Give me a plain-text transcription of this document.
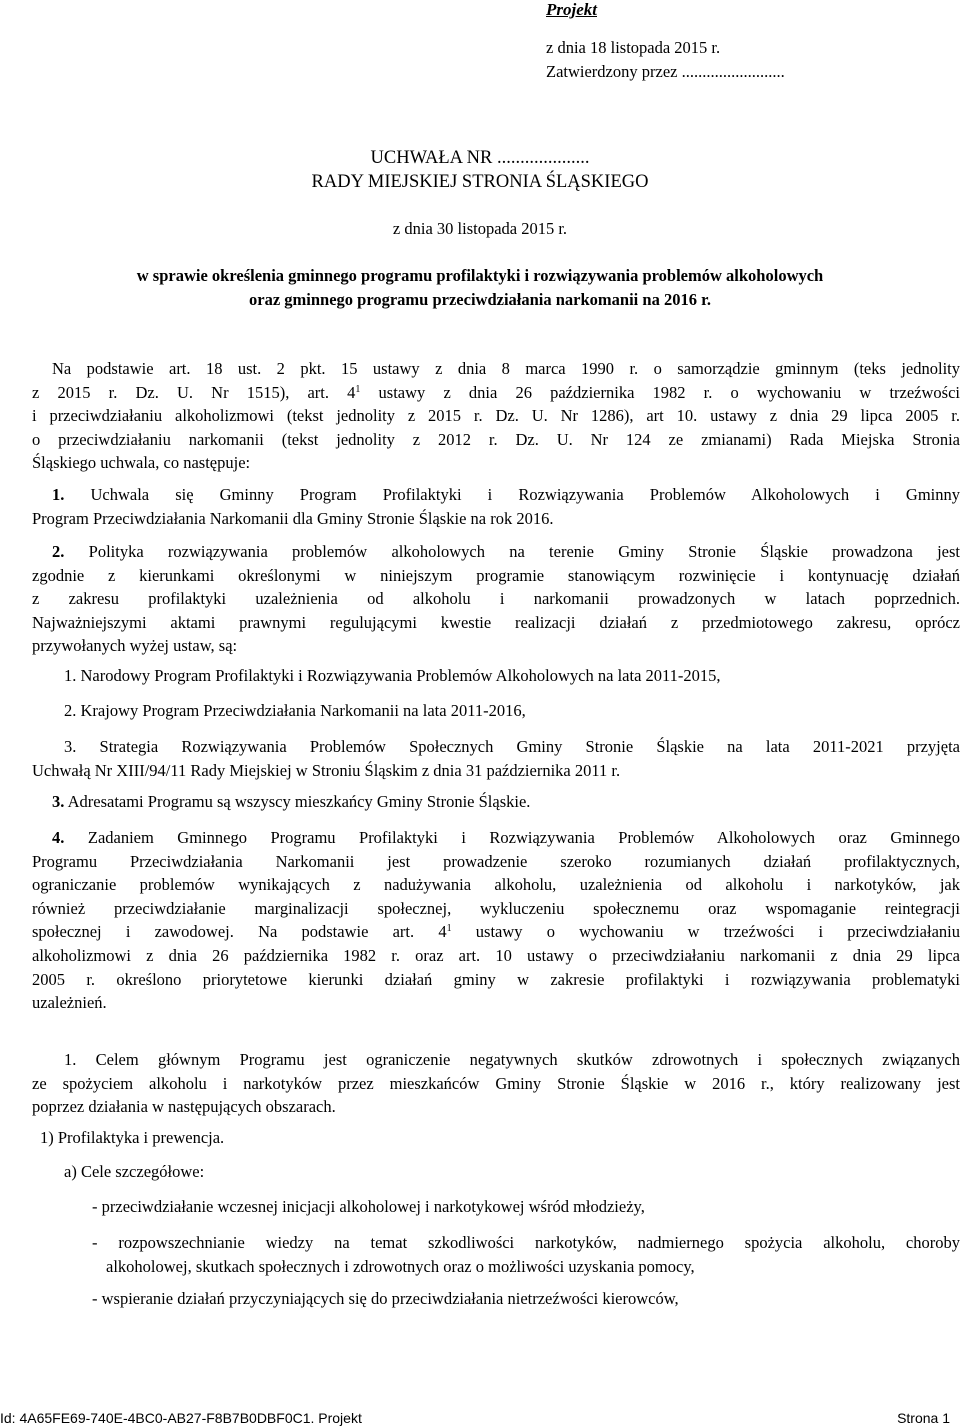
Projekt
z dnia 18 listopada 2015 r.
Zatwierdzony przez .........................
UCHWAŁA NR ....................
RADY MIEJSKIEJ STRONIA ŚLĄSKIEGO
z dnia 30 listopada 2015 r.
w sprawie określenia gminnego programu profilaktyki i rozwiązywania problemów alkoholowych
oraz gminnego programu przeciwdziałania narkomanii na 2016 r.
Na podstawie art. 18 ust. 2 pkt. 15 ustawy z dnia 8 marca 1990 r. o samorządzie gminnym (teks jednolity
z 2015 r. Dz. U. Nr 1515), art. $4^1$ ustawy z dnia 26 października 1982 r. o wychowaniu w trzeźwości
i przeciwdziałaniu alkoholizmowi (tekst jednolity z 2015 r. Dz. U. Nr 1286), art 10. ustawy z dnia 29 lipca 2005 r.
o przeciwdziałaniu narkomanii (tekst jednolity z 2012 r. Dz. U. Nr 124 ze zmianami) Rada Miejska Stronia
Śląskiego uchwala, co następuje:
1. Uchwala się Gminny Program Profilaktyki i Rozwiązywania Problemów Alkoholowych i Gminny
Program Przeciwdziałania Narkomanii dla Gminy Stronie Śląskie na rok 2016.
2. Polityka rozwiązywania problemów alkoholowych na terenie Gminy Stronie Śląskie prowadzona jest
zgodnie z kierunkami określonymi w niniejszym programie stanowiącym rozwinięcie i kontynuację działań
z zakresu profilaktyki uzależnienia od alkoholu i narkomanii prowadzonych w latach poprzednich.
Najważniejszymi aktami prawnymi regulującymi kwestie realizacji działań z przedmiotowego zakresu, oprócz
przywołanych wyżej ustaw, są:
1. Narodowy Program Profilaktyki i Rozwiązywania Problemów Alkoholowych na lata 2011-2015,
2. Krajowy Program Przeciwdziałania Narkomanii na lata 2011-2016,
3. Strategia Rozwiązywania Problemów Społecznych Gminy Stronie Śląskie na lata 2011-2021 przyjęta
Uchwałą Nr XIII/94/11 Rady Miejskiej w Stroniu Śląskim z dnia 31 października 2011 r.
3. Adresatami Programu są wszyscy mieszkańcy Gminy Stronie Śląskie.
4. Zadaniem Gminnego Programu Profilaktyki i Rozwiązywania Problemów Alkoholowych oraz Gminnego
Programu Przeciwdziałania Narkomanii jest prowadzenie szeroko rozumianych działań profilaktycznych,
ograniczanie problemów wynikających z nadużywania alkoholu, uzależnienia od alkoholu i narkotyków, jak
również przeciwdziałanie marginalizacji społecznej, wykluczeniu społecznemu oraz wspomaganie reintegracji
społecznej i zawodowej. Na podstawie art. $4^1$ ustawy o wychowaniu w trzeźwości i przeciwdziałaniu
alkoholizmowi z dnia 26 października 1982 r. oraz art. 10 ustawy o przeciwdziałaniu narkomanii z dnia 29 lipca
2005 r. określono priorytetowe kierunki działań gminy w zakresie profilaktyki i rozwiązywania problematyki
uzależnień.
1. Celem głównym Programu jest ograniczenie negatywnych skutków zdrowotnych i społecznych związanych
ze spożyciem alkoholu i narkotyków przez mieszkańców Gminy Stronie Śląskie w 2016 r., który realizowany jest
poprzez działania w następujących obszarach.
1) Profilaktyka i prewencja.
a) Cele szczegółowe:
- przeciwdziałanie wczesnej inicjacji alkoholowej i narkotykowej wśród młodzieży,
- rozpowszechnianie wiedzy na temat szkodliwości narkotyków, nadmiernego spożycia alkoholu, choroby
alkoholowej, skutkach społecznych i zdrowotnych oraz o możliwości uzyskania pomocy,
- wspieranie działań przyczyniających się do przeciwdziałania nietrzeźwości kierowców,
Id: 4A65FE69-740E-4BC0-AB27-F8B7B0DBF0C1. Projekt	Strona 1
